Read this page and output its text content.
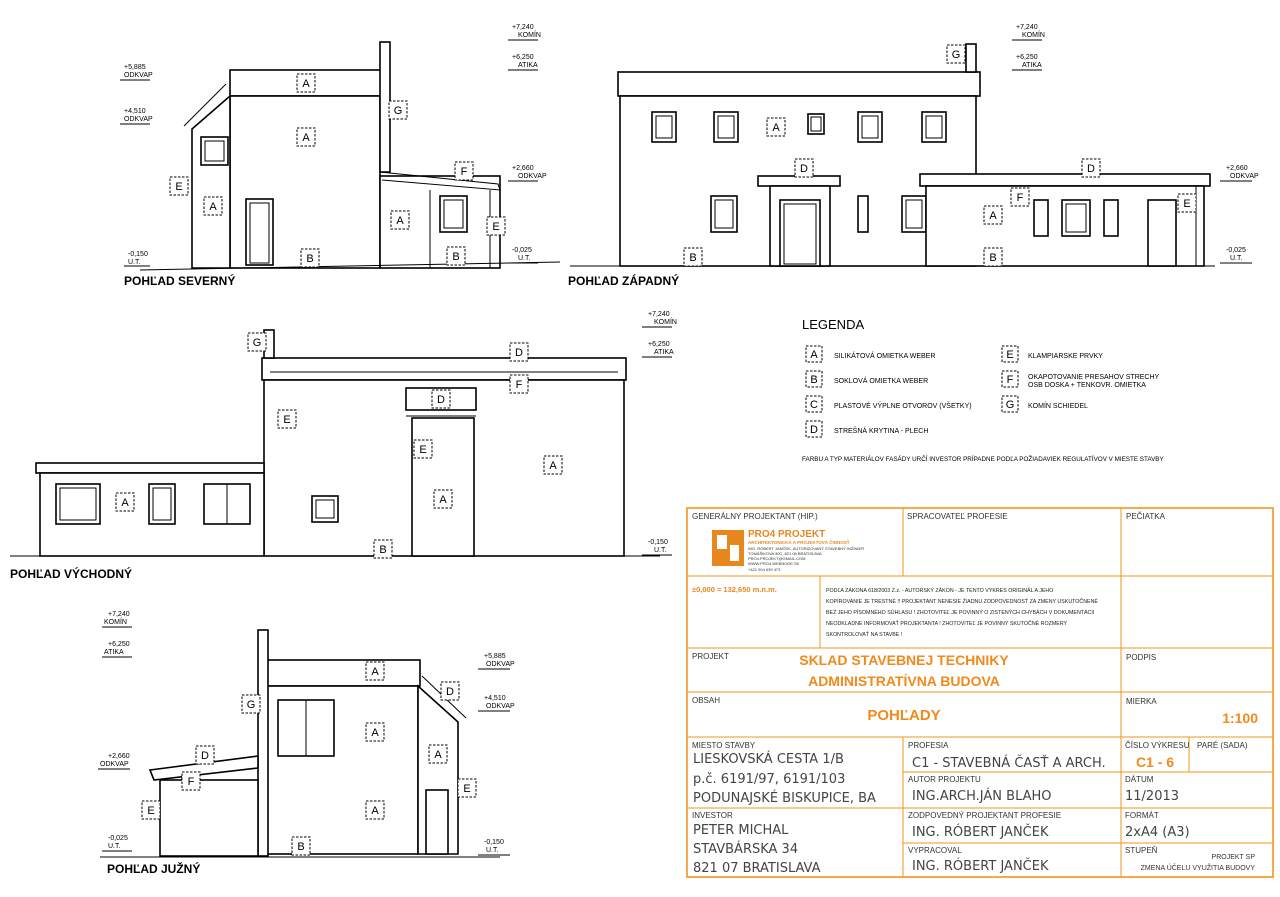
POHĽAD SEVERNÝ	POHĽAD ZÁPADNÝ
POHĽAD VÝCHODNÝ
POHĽAD JUŽNÝ
+5,885
ODKVAP
+4,510
ODKVAP
-0,150
U.T.
+7,240
KOMÍN
+6,250
ATIKA
+2,660
ODKVAP
-0,025
U.T.
+7,240
KOMÍN
+6,250
ATIKA
+2,660
ODKVAP
-0,025
U.T.
+7,240
KOMÍN
+6,250
ATIKA
-0,150
U.T.
+7,240
KOMÍN
+6,250
ATIKA
+2,660
ODKVAP
-0,025
U.T.
+5,885
ODKVAP
+4,510
ODKVAP
-0,150
U.T.
A
A
A
A
G
E
F
E
B	B
G
A
D	D
F
A
E
B	B
G
D
F
D
E
E
A
A	A
B
A
D
G
A
A
D
F
E
E	A
B
LEGENDA
A SILIKÁTOVÁ OMIETKA WEBER
B SOKLOVÁ OMIETKA WEBER
C PLASTOVÉ VÝPLNE OTVOROV (VŠETKY)
D STREŠNÁ KRYTINA - PLECH
E KLAMPIARSKE PRVKY
F OKAPOTOVANIE PRESAHOV STRECHY
OSB DOSKA + TENKOVR. OMIETKA
G KOMÍN SCHIEDEL
FARBU A TYP MATERIÁLOV FASÁDY URČÍ INVESTOR PRÍPADNE PODĽA POŽIADAVIEK REGULATÍVOV V MIESTE STAVBY
GENERÁLNY PROJEKTANT (HIP.)
PRO4 PROJEKT
ARCHITEKTONICKÁ A PROJEKTOVÁ ČINNOSŤ
ING. RÓBERT JANČEK, AUTORIZOVANÝ STAVEBNÝ INŽINIER
TOMÁŠIKOVA 30C, 821 06 BRATISLAVA
PRO4.PROJEKT@GMAIL.COM
WWW.PRO4.WEBNODE.SK
+421 904 639 473
SPRACOVATEĽ PROFESIE	PEČIATKA
±0,000 = 132,650 m.n.m.	PODĽA ZÁKONA 618/2003 Z.z. - AUTORSKÝ ZÁKON - JE TENTO VÝKRES ORIGINÁL A JEHO
KOPÍROVANIE JE TRESTNÉ !! PROJEKTANT NENESIE ŽIADNU ZODPOVEDNOSŤ ZA ZMENY USKUTOČNENÉ
BEZ JEHO PÍSOMNÉHO SÚHLASU ! ZHOTOVITEĽ JE POVINNÝ O ZISTENÝCH CHYBÁCH V DOKUMENTÁCII
NEODKLADNE INFORMOVAŤ PROJEKTANTA ! ZHOTOVITEĽ JE POVINNÝ SKUTOČNÉ ROZMERY
SKONTROLOVAŤ NA STAVBE !
PROJEKT	SKLAD STAVEBNEJ TECHNIKY
ADMINISTRATÍVNA BUDOVA
PODPIS
OBSAH
POHĽADY
MIERKA
1:100
MIESTO STAVBY
LIESKOVSKÁ CESTA 1/B
p.č. 6191/97, 6191/103
PODUNAJSKÉ BISKUPICE, BA
PROFESIA
C1 - STAVEBNÁ ČASŤ A ARCH.
ČÍSLO VÝKRESU
C1 - 6
PARÉ (SADA)
AUTOR PROJEKTU
ING.ARCH.JÁN BLAHO
DÁTUM
11/2013
INVESTOR
PETER MICHAL
STAVBÁRSKA 34
821 07 BRATISLAVA
ZODPOVEDNÝ PROJEKTANT PROFESIE
ING. RÓBERT JANČEK
FORMÁT
2xA4 (A3)
VYPRACOVAL
ING. RÓBERT JANČEK
STUPEŇ
PROJEKT SP
ZMENA ÚČELU VYUŽITIA BUDOVY
